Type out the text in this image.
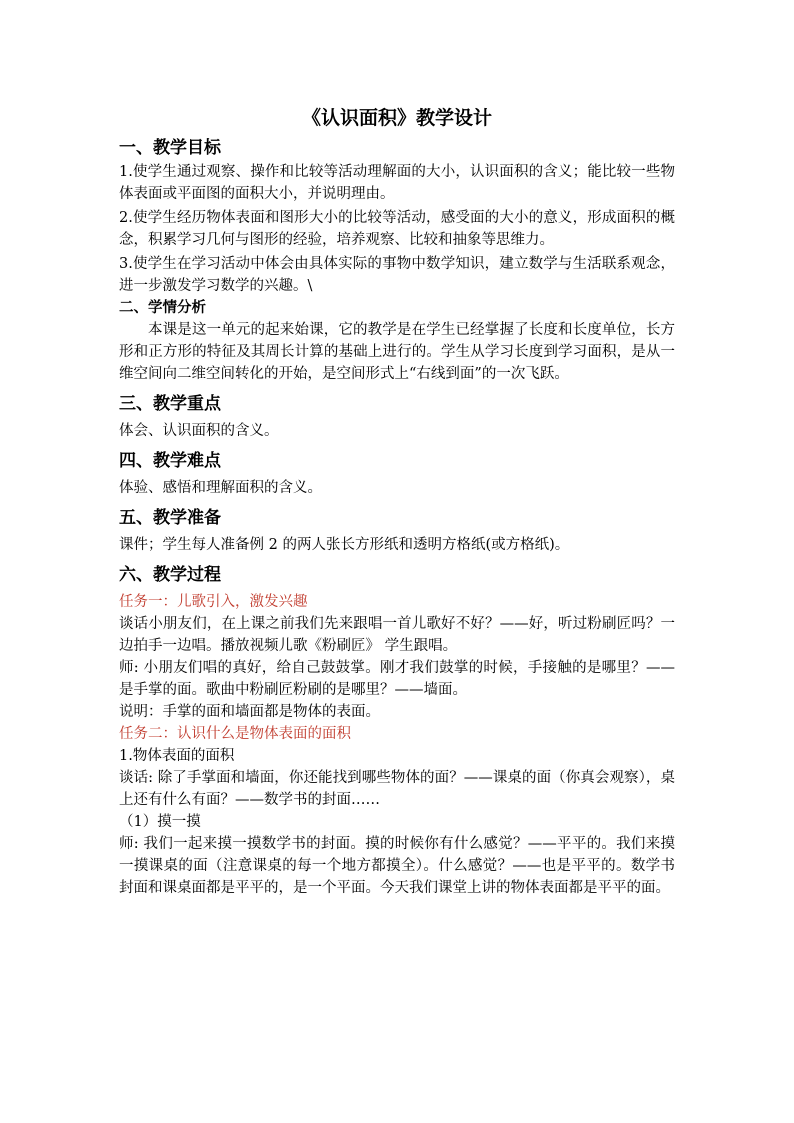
《认识面积》教学设计
一、教学目标

1.使学生通过观察、操作和比较等活动理解面的大小，认识面积的含义；能比较一些物体表面或平面图的面积大小，并说明理由。

2.使学生经历物体表面和图形大小的比较等活动，感受面的大小的意义，形成面积的概念，积累学习几何与图形的经验，培养观察、比较和抽象等思维力。

3.使学生在学习活动中体会由具体实际的事物中数学知识，建立数学与生活联系观念，进一步激发学习数学的兴趣。\

二、学情分析

本课是这一单元的起来始课，它的教学是在学生已经掌握了长度和长度单位，长方形和正方形的特征及其周长计算的基础上进行的。学生从学习长度到学习面积，是从一维空间向二维空间转化的开始，是空间形式上“右线到面”的一次飞跃。

三、教学重点

体会、认识面积的含义。

四、教学难点

体验、感悟和理解面积的含义。

五、教学准备

课件；学生每人准备例 2 的两人张长方形纸和透明方格纸(或方格纸)。

六、教学过程

任务一：儿歌引入，激发兴趣

谈话小朋友们，在上课之前我们先来跟唱一首儿歌好不好？——好，听过粉刷匠吗？一边拍手一边唱。播放视频儿歌《粉刷匠》 学生跟唱。

师: 小朋友们唱的真好，给自己鼓鼓掌。刚才我们鼓掌的时候，手接触的是哪里？——是手掌的面。歌曲中粉刷匠粉刷的是哪里？——墙面。

说明：手掌的面和墙面都是物体的表面。

任务二：认识什么是物体表面的面积

1.物体表面的面积

谈话: 除了手掌面和墙面，你还能找到哪些物体的面？——课桌的面（你真会观察），桌上还有什么有面？——数学书的封面……

（1）摸一摸

师: 我们一起来摸一摸数学书的封面。摸的时候你有什么感觉？——平平的。我们来摸一摸课桌的面（注意课桌的每一个地方都摸全）。什么感觉？——也是平平的。数学书封面和课桌面都是平平的，是一个平面。今天我们课堂上讲的物体表面都是平平的面。
